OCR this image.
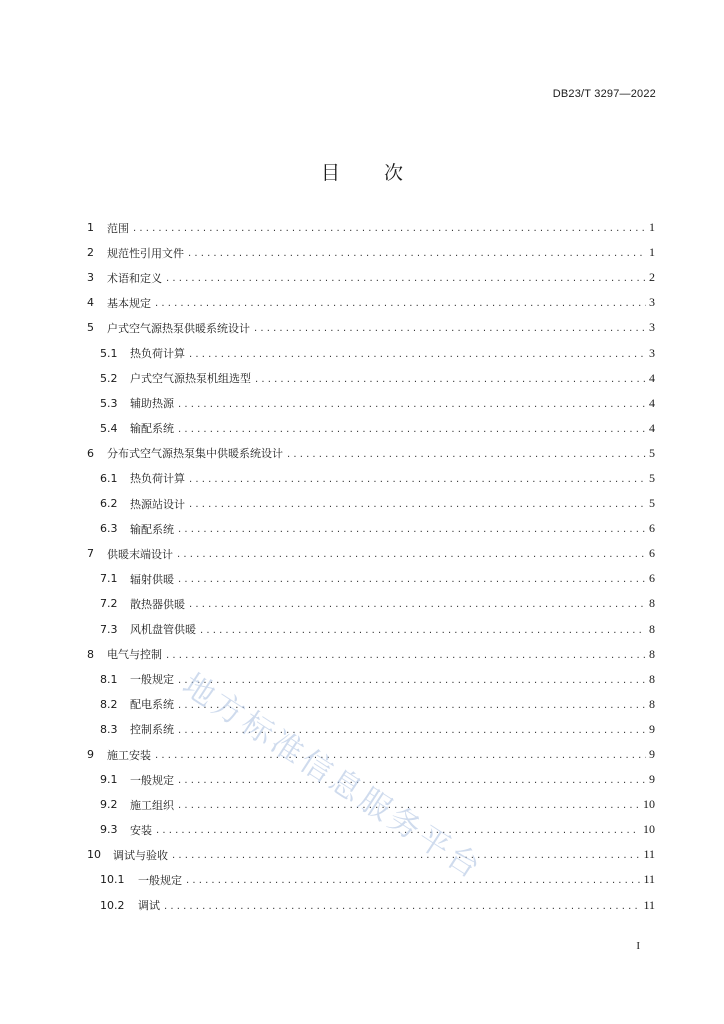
DB23/T 3297—2022
目次
1	范围 . . .	1
2	规范性引用文件 . . .	1
3	术语和定义 . . .	2
4	基本规定 . . .	3
5	户式空气源热泵供暖系统设计 . . .	3
5.1	热负荷计算 . . .	3
5.2	户式空气源热泵机组选型 . . .	4
5.3	辅助热源 . . .	4
5.4	输配系统 . . .	4
6	分布式空气源热泵集中供暖系统设计 . . .	5
6.1	热负荷计算 . . .	5
6.2	热源站设计 . . .	5
6.3	输配系统 . . .	6
7	供暖末端设计 . . .	6
7.1	辐射供暖 . . .	6
7.2	散热器供暖 . . .	8
7.3	风机盘管供暖 . . .	8
8	电气与控制 . . .	8
8.1	一般规定 . . .	8
8.2	配电系统 . . .	8
8.3	控制系统 . . .	9
9	施工安装 . . .	9
9.1	一般规定 . . .	9
9.2	施工组织 . . .	10
9.3	安装 . . .	10
10	调试与验收 . . .	11
10.1	一般规定 . . .	11
10.2	调试 . . .	11
地方标准信息服务平台
I
